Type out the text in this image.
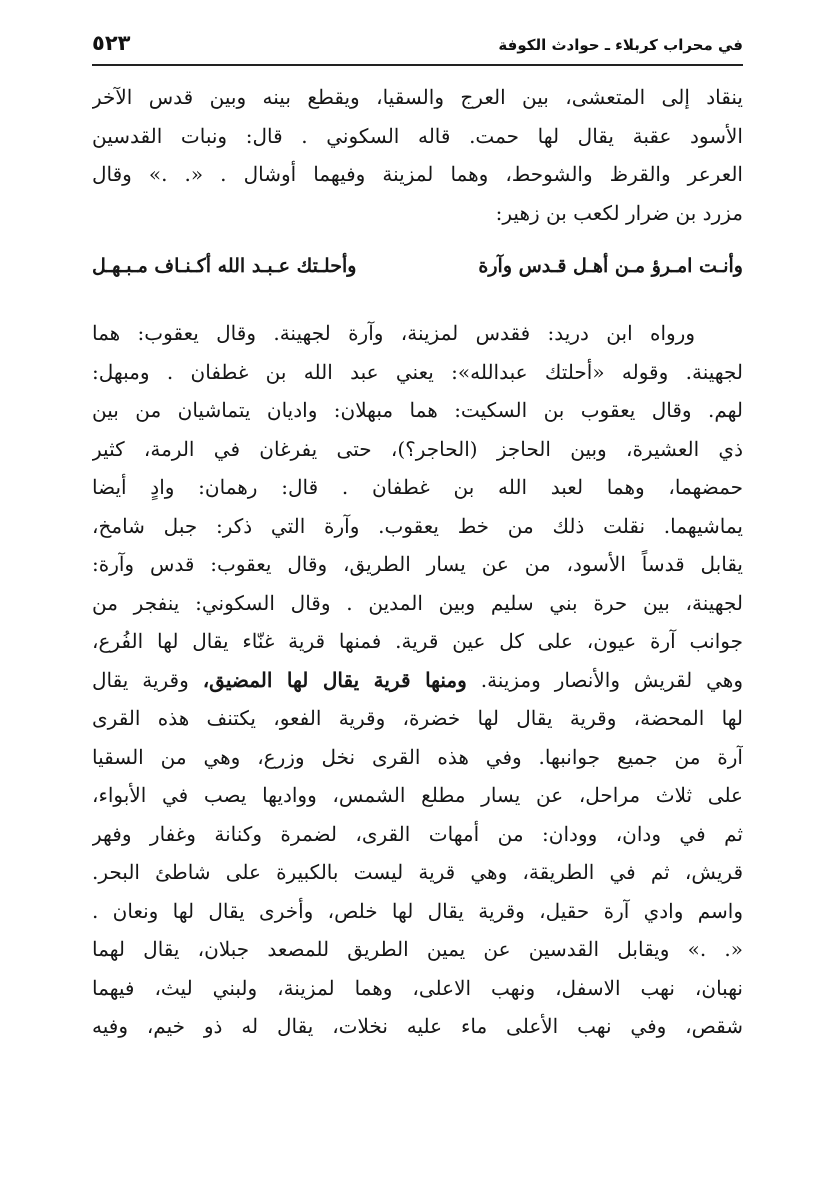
في محراب كربلاء ـ حوادث الكوفة
٥٢٣
ينقاد إلى المتعشى، بين العرج والسقيا، ويقطع بينه وبين قدس الآخر
الأسود عقبة يقال لها حمت. قاله السكوني . قال: ونبات القدسين
العرعر والقرظ والشوحط، وهما لمزينة وفيهما أوشال . «. .» وقال
مزرد بن ضرار لكعب بن زهير:
وأنـت امـرؤ مـن أهـل قـدس وآرة
وأحلـتك عـبـد الله أكـنـاف مـبـهـل
ورواه ابن دريد: فقدس لمزينة، وآرة لجهينة. وقال يعقوب: هما
لجهينة. وقوله «أحلتك عبدالله»: يعني عبد الله بن غطفان . ومبهل:
لهم. وقال يعقوب بن السكيت: هما مبهلان: واديان يتماشيان من بين
ذي العشيرة، وبين الحاجز (الحاجر؟)، حتى يفرغان في الرمة، كثير
حمضهما، وهما لعبد الله بن غطفان . قال: رهمان: وادٍ أيضا
يماشيهما. نقلت ذلك من خط يعقوب. وآرة التي ذكر: جبل شامخ،
يقابل قدساً الأسود، من عن يسار الطريق، وقال يعقوب: قدس وآرة:
لجهينة، بين حرة بني سليم وبين المدين . وقال السكوني: ينفجر من
جوانب آرة عيون، على كل عين قرية. فمنها قرية غنّاء يقال لها الفُرع،
وهي لقريش والأنصار ومزينة. ومنها قرية يقال لها المضيق، وقرية يقال
لها المحضة، وقرية يقال لها خضرة، وقرية الفعو، يكتنف هذه القرى
آرة من جميع جوانبها. وفي هذه القرى نخل وزرع، وهي من السقيا
على ثلاث مراحل، عن يسار مطلع الشمس، وواديها يصب في الأبواء،
ثم في ودان، وودان: من أمهات القرى، لضمرة وكنانة وغفار وفهر
قريش، ثم في الطريقة، وهي قرية ليست بالكبيرة على شاطئ البحر.
واسم وادي آرة حقيل، وقرية يقال لها خلص، وأخرى يقال لها ونعان .
«. .» ويقابل القدسين عن يمين الطريق للمصعد جبلان، يقال لهما
نهبان، نهب الاسفل، ونهب الاعلى، وهما لمزينة، ولبني ليث، فيهما
شقص، وفي نهب الأعلى ماء عليه نخلات، يقال له ذو خيم، وفيه
